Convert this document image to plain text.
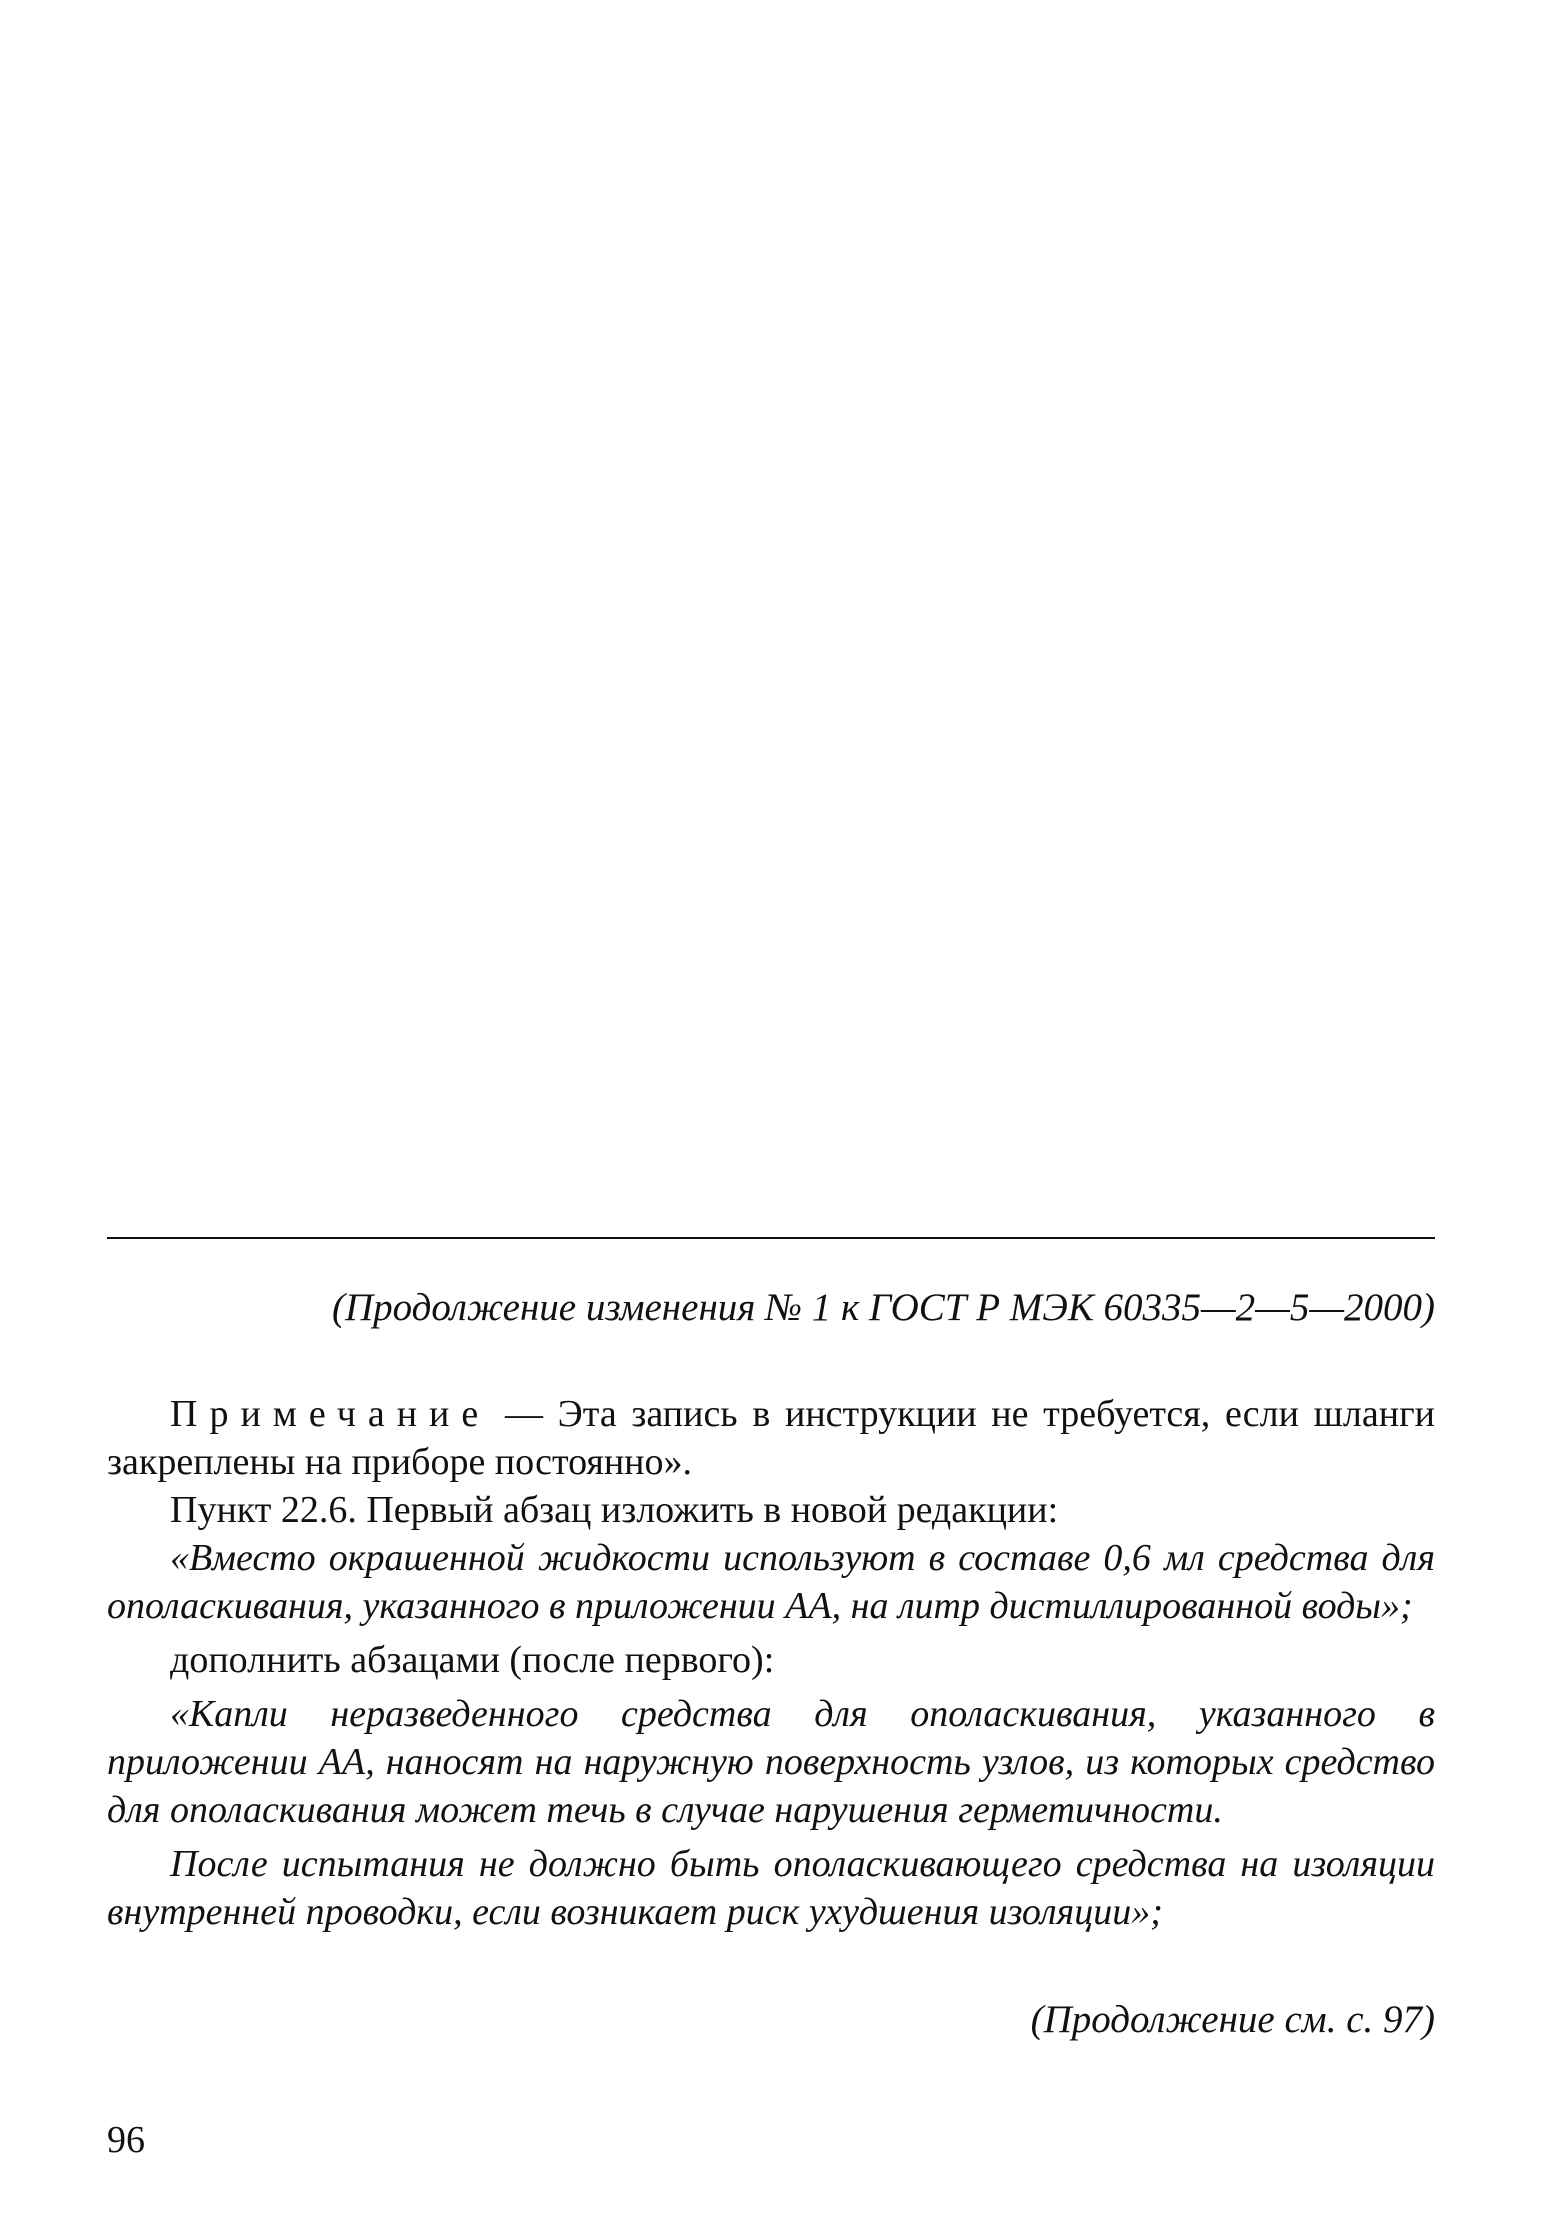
(Продолжение изменения № 1 к ГОСТ Р МЭК 60335—2—5—2000)

Примечание — Эта запись в инструкции не требуется, если шланги закреплены на приборе постоянно».

Пункт 22.6. Первый абзац изложить в новой редакции:

«Вместо окрашенной жидкости используют в составе 0,6 мл средства для ополаскивания, указанного в приложении АА, на литр дистиллированной воды»;

дополнить абзацами (после первого):

«Капли неразведенного средства для ополаскивания, указанного в приложении АА, наносят на наружную поверхность узлов, из которых средство для ополаскивания может течь в случае нарушения герметичности.

После испытания не должно быть ополаскивающего средства на изоляции внутренней проводки, если возникает риск ухудшения изоляции»;

(Продолжение см. с. 97)
96
